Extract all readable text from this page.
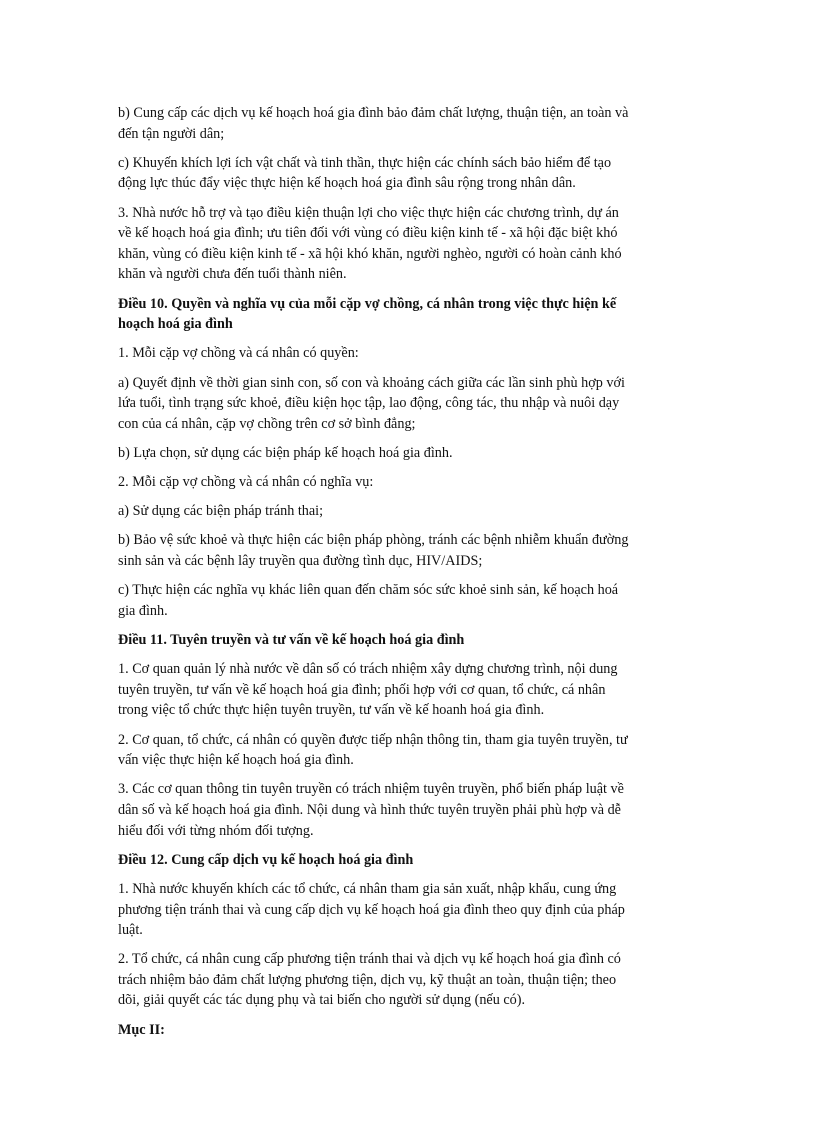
b) Cung cấp các dịch vụ kế hoạch hoá gia đình bảo đảm chất lượng, thuận tiện, an toàn và
đến tận người dân;

c) Khuyến khích lợi ích vật chất và tinh thần, thực hiện các chính sách bảo hiểm để tạo
động lực thúc đẩy việc thực hiện kế hoạch hoá gia đình sâu rộng trong nhân dân.

3. Nhà nước hỗ trợ và tạo điều kiện thuận lợi cho việc thực hiện các chương trình, dự án
về kế hoạch hoá gia đình; ưu tiên đối với vùng có điều kiện kinh tế - xã hội đặc biệt khó
khăn, vùng có điều kiện kinh tế - xã hội khó khăn, người nghèo, người có hoàn cảnh khó
khăn và người chưa đến tuổi thành niên.

Điều 10. Quyền và nghĩa vụ của mỗi cặp vợ chồng, cá nhân trong việc thực hiện kế
hoạch hoá gia đình

1. Mỗi cặp vợ chồng và cá nhân có quyền:

a) Quyết định về thời gian sinh con, số con và khoảng cách giữa các lần sinh phù hợp với
lứa tuổi, tình trạng sức khoẻ, điều kiện học tập, lao động, công tác, thu nhập và nuôi dạy
con của cá nhân, cặp vợ chồng trên cơ sở bình đẳng;

b) Lựa chọn, sử dụng các biện pháp kế hoạch hoá gia đình.

2. Mỗi cặp vợ chồng và cá nhân có nghĩa vụ:

a) Sử dụng các biện pháp tránh thai;

b) Bảo vệ sức khoẻ và thực hiện các biện pháp phòng, tránh các bệnh nhiễm khuẩn đường
sinh sản và các bệnh lây truyền qua đường tình dục, HIV/AIDS;

c) Thực hiện các nghĩa vụ khác liên quan đến chăm sóc sức khoẻ sinh sản, kế hoạch hoá
gia đình.

Điều 11. Tuyên truyền và tư vấn về kế hoạch hoá gia đình

1. Cơ quan quản lý nhà nước về dân số có trách nhiệm xây dựng chương trình, nội dung
tuyên truyền, tư vấn về kế hoạch hoá gia đình; phối hợp với cơ quan, tổ chức, cá nhân
trong việc tổ chức thực hiện tuyên truyền, tư vấn về kế hoanh hoá gia đình.

2. Cơ quan, tổ chức, cá nhân có quyền được tiếp nhận thông tin, tham gia tuyên truyền, tư
vấn việc thực hiện kế hoạch hoá gia đình.

3. Các cơ quan thông tin tuyên truyền có trách nhiệm tuyên truyền, phổ biến pháp luật về
dân số và kế hoạch hoá gia đình. Nội dung và hình thức tuyên truyền phải phù hợp và dễ
hiểu đối với từng nhóm đối tượng.

Điều 12. Cung cấp dịch vụ kế hoạch hoá gia đình

1. Nhà nước khuyến khích các tổ chức, cá nhân tham gia sản xuất, nhập khẩu, cung ứng
phương tiện tránh thai và cung cấp dịch vụ kế hoạch hoá gia đình theo quy định của pháp
luật.

2. Tổ chức, cá nhân cung cấp phương tiện tránh thai và dịch vụ kế hoạch hoá gia đình có
trách nhiệm bảo đảm chất lượng phương tiện, dịch vụ, kỹ thuật an toàn, thuận tiện; theo
dõi, giải quyết các tác dụng phụ và tai biến cho người sử dụng (nếu có).

Mục II:
